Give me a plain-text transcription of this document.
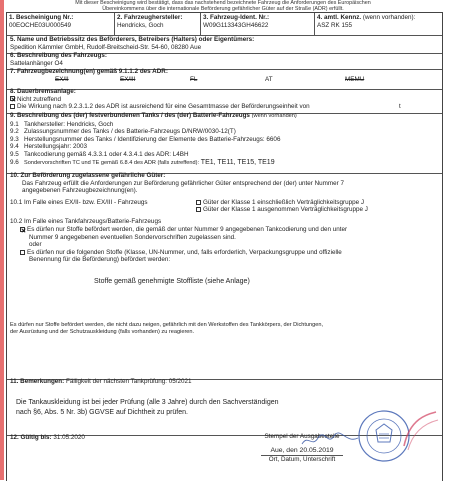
Mit dieser Bescheinigung wird bestätigt, dass das nachstehend bezeichnete Fahrzeug die Anforderungen des Europäischen
Übereinkommens über die internationale Beförderung gefährlicher Güter auf der Straße (ADR) erfüllt.
1. Bescheinigung Nr.:
00EOCHE03U000549
2. Fahrzeughersteller:
Hendricks, Goch
3. Fahrzeug-Ident. Nr.:
W09G113343GH46622
4. amtl. Kennz. (wenn vorhanden):
ASZ RK 155
5. Name und Betriebssitz des Beförderers, Betreibers (Halters) oder Eigentümers:
Spedition Kämmler GmbH, Rudolf-Breitscheid-Str. 54-60, 08280 Aue
6. Beschreibung des Fahrzeugs:
Sattelanhänger O4
7. Fahrzeugbezeichnung(en) gemäß 9.1.1.2 des ADR:
EX/II	EX/III	FL	AT	MEMU
8. Dauerbremsanlage:
Nicht zutreffend
Die Wirkung nach 9.2.3.1.2 des ADR ist ausreichend für eine Gesamtmasse der Beförderungseinheit von	t
9. Beschreibung des (der) festverbundenen Tanks / des (der) Batterie-Fahrzeugs (wenn vorhanden)
9.1 Tankhersteller: Hendricks, Goch
9.2 Zulassungsnummer des Tanks / des Batterie-Fahrzeugs D/NRW/0030-12(T)
9.3 Herstellungsnummer des Tanks / Identifizierung der Elemente des Batterie-Fahrzeugs: 6606
9.4 Herstellungsjahr: 2003
9.5 Tankcodierung gemäß 4.3.3.1 oder 4.3.4.1 des ADR: L4BH
9.6 Sondervorschriften TC und TE gemäß 6.8.4 des ADR (falls zutreffend): TE1, TE11, TE15, TE19
10. Zur Beförderung zugelassene gefährliche Güter:
Das Fahrzeug erfüllt die Anforderungen zur Beförderung gefährlicher Güter entsprechend der (der) unter Nummer 7
angegebenen Fahrzeugbezeichnung(en).
10.1 Im Falle eines EX/II- bzw. EX/III - Fahrzeugs	Güter der Klasse 1 einschließlich Verträglichkeitsgruppe J
Güter der Klasse 1 ausgenommen Verträglichkeitsgruppe J
10.2 Im Falle eines Tankfahrzeugs/Batterie-Fahrzeugs
Es dürfen nur Stoffe befördert werden, die gemäß der unter Nummer 9 angegebenen Tankcodierung und den unter
Nummer 9 angegebenen eventuellen Sondervorschriften zugelassen sind.
oder
Es dürfen nur die folgenden Stoffe (Klasse, UN-Nummer, und, falls erforderlich, Verpackungsgruppe und offizielle
Benennung für die Beförderung) befördert werden:
Stoffe gemäß genehmigte Stoffliste (siehe Anlage)
Es dürfen nur Stoffe befördert werden, die nicht dazu neigen, gefährlich mit den Werkstoffen des Tankkörpers, der Dichtungen,
der Ausrüstung und der Schutzauskleidung (falls vorhanden) zu reagieren.
11. Bemerkungen: Fälligkeit der nächsten Tankprüfung: 05/2021
Die Tankauskleidung ist bei jeder Prüfung (alle 3 Jahre) durch den Sachverständigen
nach §6, Abs. 5 Nr. 3b) GGVSE auf Dichtheit zu prüfen.
12. Gültig bis: 31.05.2020	Stempel der Ausgabestelle
Aue, den 20.05.2019
Ort, Datum, Unterschrift
